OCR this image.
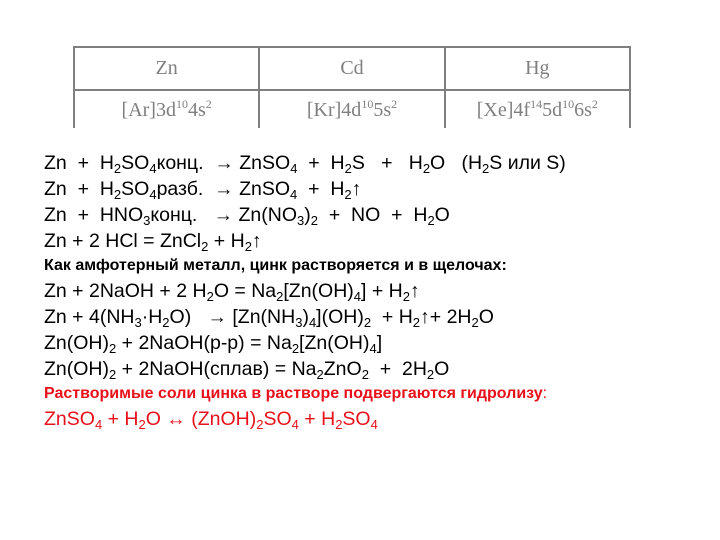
Zn	Cd	Hg
$[Ar]3d^{10}4s^2$	$[Kr]4d^{10}5s^2$	$[Xe]4f^{14}5d^{10}6s^2$
$Zn + H_2SO_4конц$.  → ZnSO$_4$  +  $H_2S + H_2O$   ($H_2S$ или S)
$Zn + H_2SO_4разб$.  → ZnSO$_4$  +  $H_2↑$
$Zn + HNO_3конц$.   → $Zn(NO_3)_2$  +  NO  +  $H_2O$
Zn + 2 HCl = ZnCl$_2$ + $H_2↑$
Как амфотерный металл, цинк растворяется и в щелочах:
Zn + 2NaOH + 2 $H_2O = Na_2[Zn(OH)_4]$ + $H_2↑$
$Zn + 4(NH_3\cdot H_2O) \to [Zn(NH_3)_4](OH)_2$  + $H_2↑+ 2H_2O$
$Zn(OH)_2$ + 2NaOH(р-р) = $Na_2[Zn(OH)_4]$
$Zn(OH)_2$ + 2NaOH(сплав) = $Na_2ZnO_2 + 2H_2O$
Растворимые соли цинка в растворе подвергаются гидролизу:
ZnSO$_4$ + $H_2O$ ↔ $(ZnOH)_2SO_4 + H_2SO_4$
